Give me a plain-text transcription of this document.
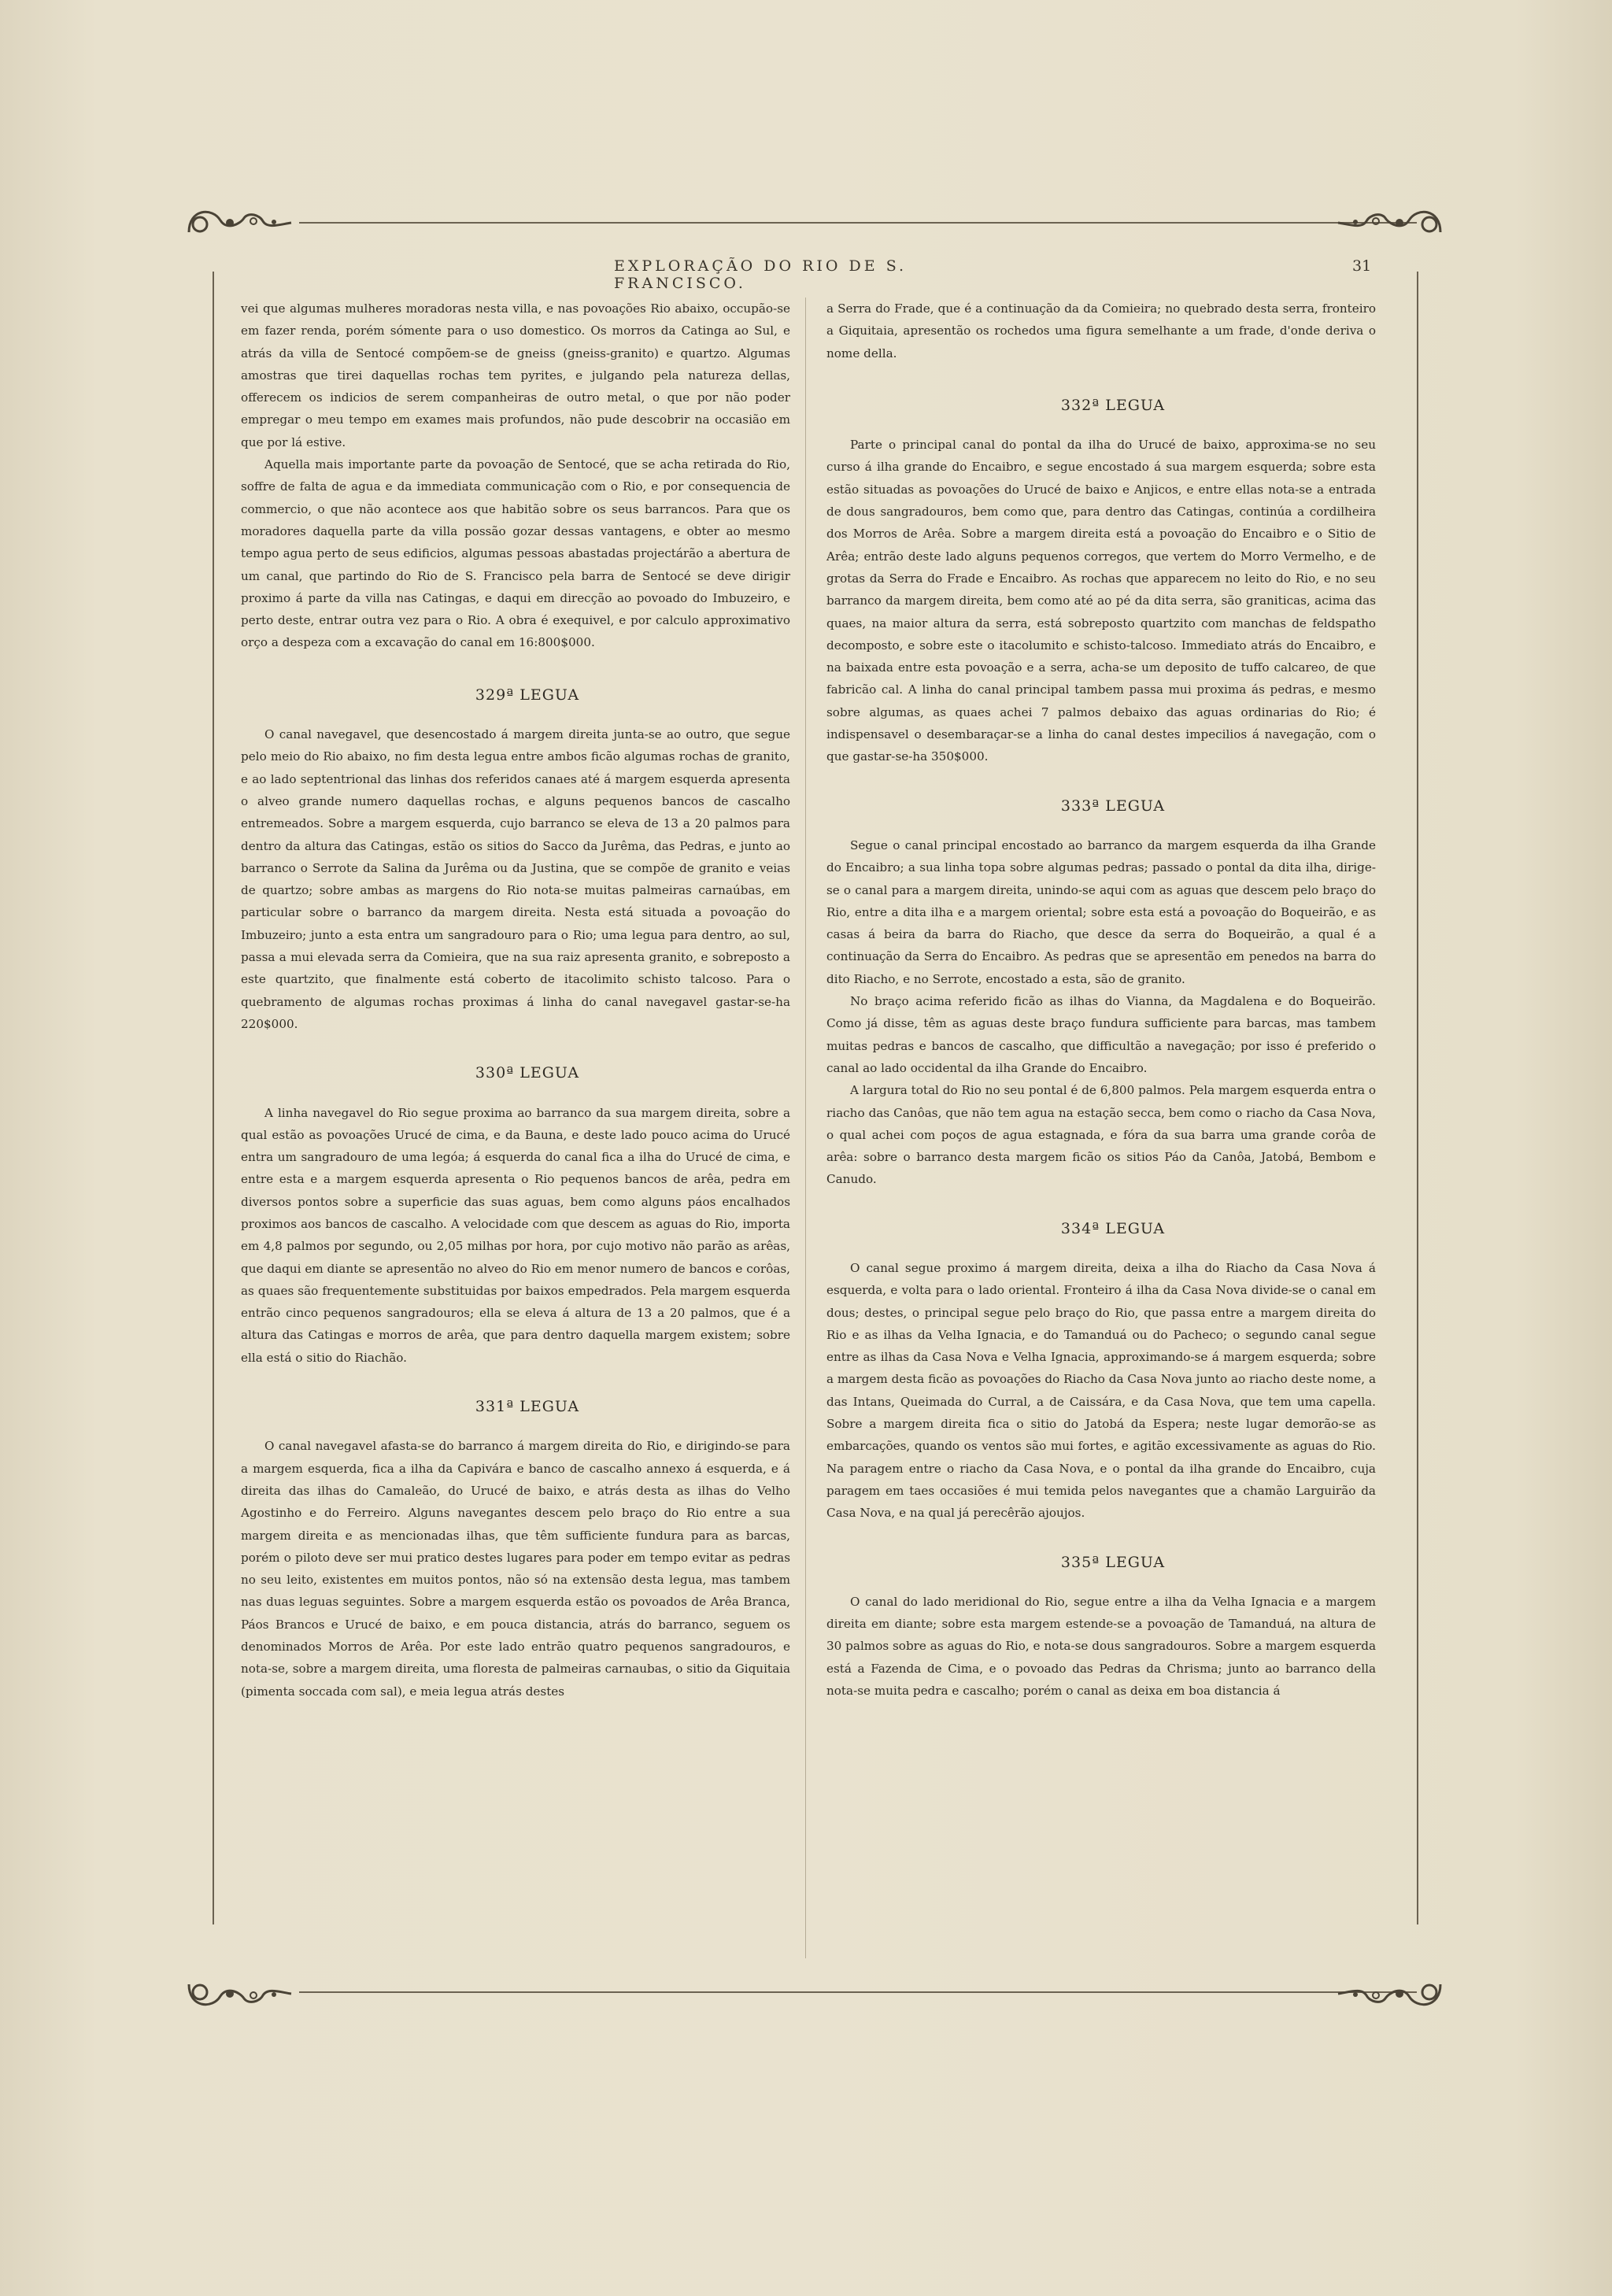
EXPLORAÇÃO DO RIO DE S. FRANCISCO.
31

vei que algumas mulheres moradoras nesta villa, e nas povoações Rio abaixo, occupão-se em fazer renda, porém sómente para o uso domestico. Os morros da Catinga ao Sul, e atrás da villa de Sentocé compõem-se de gneiss (gneiss-granito) e quartzo. Algumas amostras que tirei daquellas rochas tem pyrites, e julgando pela natureza dellas, offerecem os indicios de serem companheiras de outro metal, o que por não poder empregar o meu tempo em exames mais profundos, não pude descobrir na occasião em que por lá estive.

Aquella mais importante parte da povoação de Sentocé, que se acha retirada do Rio, soffre de falta de agua e da immediata communicação com o Rio, e por consequencia de commercio, o que não acontece aos que habitão sobre os seus barrancos. Para que os moradores daquella parte da villa possão gozar dessas vantagens, e obter ao mesmo tempo agua perto de seus edificios, algumas pessoas abastadas projectárão a abertura de um canal, que partindo do Rio de S. Francisco pela barra de Sentocé se deve dirigir proximo á parte da villa nas Catingas, e daqui em direcção ao povoado do Imbuzeiro, e perto deste, entrar outra vez para o Rio. A obra é exequivel, e por calculo approximativo orço a despeza com a excavação do canal em 16:800$000.

329ª LEGUA

O canal navegavel, que desencostado á margem direita junta-se ao outro, que segue pelo meio do Rio abaixo, no fim desta legua entre ambos ficão algumas rochas de granito, e ao lado septentrional das linhas dos referidos canaes até á margem esquerda apresenta o alveo grande numero daquellas rochas, e alguns pequenos bancos de cascalho entremeados. Sobre a margem esquerda, cujo barranco se eleva de 13 a 20 palmos para dentro da altura das Catingas, estão os sitios do Sacco da Jurêma, das Pedras, e junto ao barranco o Serrote da Salina da Jurêma ou da Justina, que se compõe de granito e veias de quartzo; sobre ambas as margens do Rio nota-se muitas palmeiras carnaúbas, em particular sobre o barranco da margem direita. Nesta está situada a povoação do Imbuzeiro; junto a esta entra um sangradouro para o Rio; uma legua para dentro, ao sul, passa a mui elevada serra da Comieira, que na sua raiz apresenta granito, e sobreposto a este quartzito, que finalmente está coberto de itacolimito schisto talcoso. Para o quebramento de algumas rochas proximas á linha do canal navegavel gastar-se-ha 220$000.

330ª LEGUA

A linha navegavel do Rio segue proxima ao barranco da sua margem direita, sobre a qual estão as povoações Urucé de cima, e da Bauna, e deste lado pouco acima do Urucé entra um sangradouro de uma legóa; á esquerda do canal fica a ilha do Urucé de cima, e entre esta e a margem esquerda apresenta o Rio pequenos bancos de arêa, pedra em diversos pontos sobre a superficie das suas aguas, bem como alguns páos encalhados proximos aos bancos de cascalho. A velocidade com que descem as aguas do Rio, importa em 4,8 palmos por segundo, ou 2,05 milhas por hora, por cujo motivo não parão as arêas, que daqui em diante se apresentão no alveo do Rio em menor numero de bancos e corôas, as quaes são frequentemente substituidas por baixos empedrados. Pela margem esquerda entrão cinco pequenos sangradouros; ella se eleva á altura de 13 a 20 palmos, que é a altura das Catingas e morros de arêa, que para dentro daquella margem existem; sobre ella está o sitio do Riachão.

331ª LEGUA

O canal navegavel afasta-se do barranco á margem direita do Rio, e dirigindo-se para a margem esquerda, fica a ilha da Capivára e banco de cascalho annexo á esquerda, e á direita das ilhas do Camaleão, do Urucé de baixo, e atrás desta as ilhas do Velho Agostinho e do Ferreiro. Alguns navegantes descem pelo braço do Rio entre a sua margem direita e as mencionadas ilhas, que têm sufficiente fundura para as barcas, porém o piloto deve ser mui pratico destes lugares para poder em tempo evitar as pedras no seu leito, existentes em muitos pontos, não só na extensão desta legua, mas tambem nas duas leguas seguintes. Sobre a margem esquerda estão os povoados de Arêa Branca, Páos Brancos e Urucé de baixo, e em pouca distancia, atrás do barranco, seguem os denominados Morros de Arêa. Por este lado entrão quatro pequenos sangradouros, e nota-se, sobre a margem direita, uma floresta de palmeiras carnaubas, o sitio da Giquitaia (pimenta soccada com sal), e meia legua atrás destes

a Serra do Frade, que é a continuação da da Comieira; no quebrado desta serra, fronteiro a Giquitaia, apresentão os rochedos uma figura semelhante a um frade, d'onde deriva o nome della.

332ª LEGUA

Parte o principal canal do pontal da ilha do Urucé de baixo, approxima-se no seu curso á ilha grande do Encaibro, e segue encostado á sua margem esquerda; sobre esta estão situadas as povoações do Urucé de baixo e Anjicos, e entre ellas nota-se a entrada de dous sangradouros, bem como que, para dentro das Catingas, continúa a cordilheira dos Morros de Arêa. Sobre a margem direita está a povoação do Encaibro e o Sitio de Arêa; entrão deste lado alguns pequenos corregos, que vertem do Morro Vermelho, e de grotas da Serra do Frade e Encaibro. As rochas que apparecem no leito do Rio, e no seu barranco da margem direita, bem como até ao pé da dita serra, são graniticas, acima das quaes, na maior altura da serra, está sobreposto quartzito com manchas de feldspatho decomposto, e sobre este o itacolumito e schisto-talcoso. Immediato atrás do Encaibro, e na baixada entre esta povoação e a serra, acha-se um deposito de tuffo calcareo, de que fabricão cal. A linha do canal principal tambem passa mui proxima ás pedras, e mesmo sobre algumas, as quaes achei 7 palmos debaixo das aguas ordinarias do Rio; é indispensavel o desembaraçar-se a linha do canal destes impecilios á navegação, com o que gastar-se-ha 350$000.

333ª LEGUA

Segue o canal principal encostado ao barranco da margem esquerda da ilha Grande do Encaibro; a sua linha topa sobre algumas pedras; passado o pontal da dita ilha, dirige-se o canal para a margem direita, unindo-se aqui com as aguas que descem pelo braço do Rio, entre a dita ilha e a margem oriental; sobre esta está a povoação do Boqueirão, e as casas á beira da barra do Riacho, que desce da serra do Boqueirão, a qual é a continuação da Serra do Encaibro. As pedras que se apresentão em penedos na barra do dito Riacho, e no Serrote, encostado a esta, são de granito.

No braço acima referido ficão as ilhas do Vianna, da Magdalena e do Boqueirão. Como já disse, têm as aguas deste braço fundura sufficiente para barcas, mas tambem muitas pedras e bancos de cascalho, que difficultão a navegação; por isso é preferido o canal ao lado occidental da ilha Grande do Encaibro.

A largura total do Rio no seu pontal é de 6,800 palmos. Pela margem esquerda entra o riacho das Canôas, que não tem agua na estação secca, bem como o riacho da Casa Nova, o qual achei com poços de agua estagnada, e fóra da sua barra uma grande corôa de arêa: sobre o barranco desta margem ficão os sitios Páo da Canôa, Jatobá, Bembom e Canudo.

334ª LEGUA

O canal segue proximo á margem direita, deixa a ilha do Riacho da Casa Nova á esquerda, e volta para o lado oriental. Fronteiro á ilha da Casa Nova divide-se o canal em dous; destes, o principal segue pelo braço do Rio, que passa entre a margem direita do Rio e as ilhas da Velha Ignacia, e do Tamanduá ou do Pacheco; o segundo canal segue entre as ilhas da Casa Nova e Velha Ignacia, approximando-se á margem esquerda; sobre a margem desta ficão as povoações do Riacho da Casa Nova junto ao riacho deste nome, a das Intans, Queimada do Curral, a de Caissára, e da Casa Nova, que tem uma capella. Sobre a margem direita fica o sitio do Jatobá da Espera; neste lugar demorão-se as embarcações, quando os ventos são mui fortes, e agitão excessivamente as aguas do Rio. Na paragem entre o riacho da Casa Nova, e o pontal da ilha grande do Encaibro, cuja paragem em taes occasiões é mui temida pelos navegantes que a chamão Larguirão da Casa Nova, e na qual já perecêrão ajoujos.

335ª LEGUA

O canal do lado meridional do Rio, segue entre a ilha da Velha Ignacia e a margem direita em diante; sobre esta margem estende-se a povoação de Tamanduá, na altura de 30 palmos sobre as aguas do Rio, e nota-se dous sangradouros. Sobre a margem esquerda está a Fazenda de Cima, e o povoado das Pedras da Chrisma; junto ao barranco della nota-se muita pedra e cascalho; porém o canal as deixa em boa distancia á
